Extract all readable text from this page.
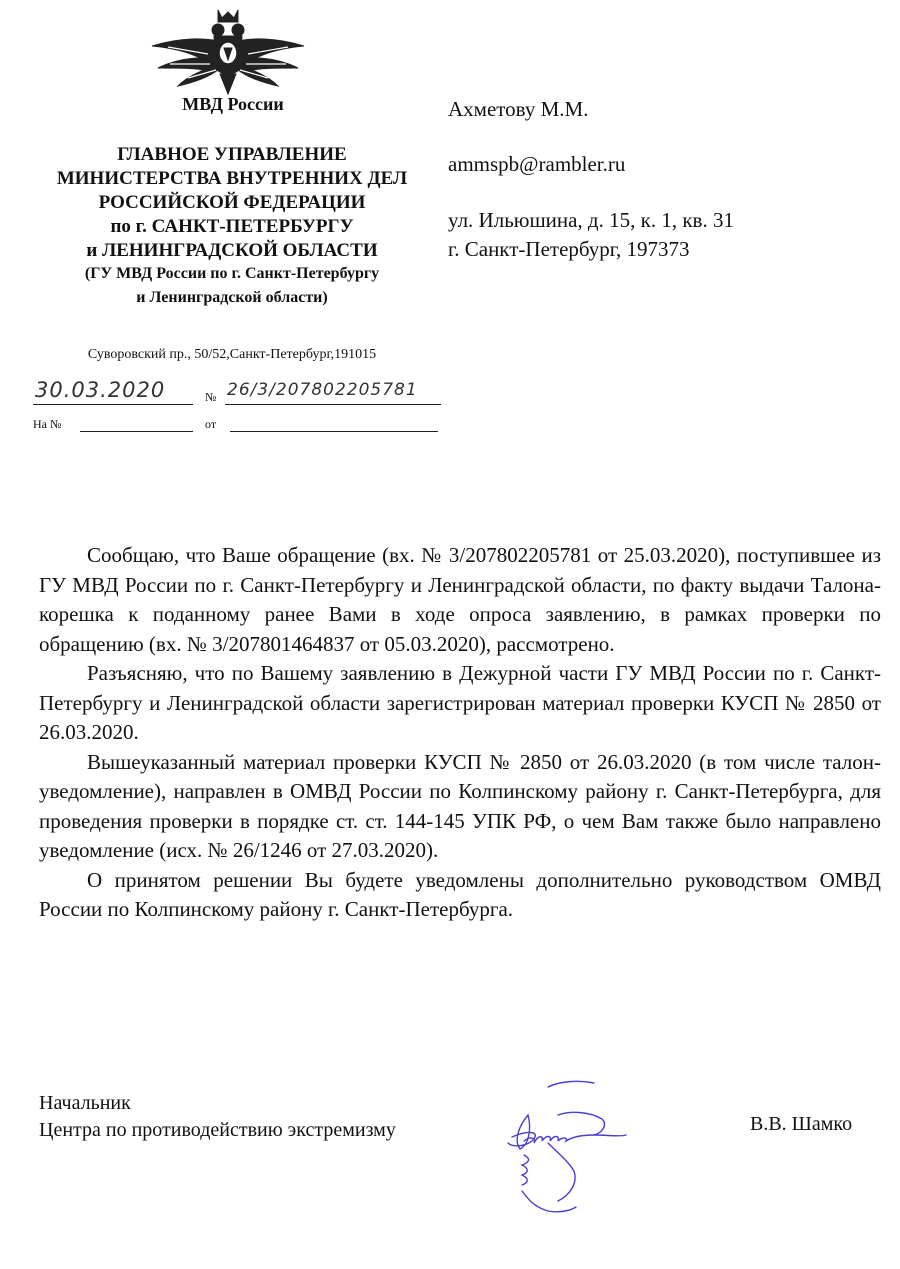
МВД России
ГЛАВНОЕ УПРАВЛЕНИЕ
МИНИСТЕРСТВА ВНУТРЕННИХ ДЕЛ
РОССИЙСКОЙ ФЕДЕРАЦИИ
по г. САНКТ-ПЕТЕРБУРГУ
и ЛЕНИНГРАДСКОЙ ОБЛАСТИ
(ГУ МВД России по г. Санкт-Петербургу
и Ленинградской области)
Суворовский пр., 50/52,Санкт-Петербург,191015
30.03.2020	№ 26/3/207802205781
На №	от
Ахметову М.М.
ammspb@rambler.ru
ул. Ильюшина, д. 15, к. 1, кв. 31
г. Санкт-Петербург, 197373

Сообщаю, что Ваше обращение (вх. № 3/207802205781 от 25.03.2020), поступившее из ГУ МВД России по г. Санкт-Петербургу и Ленинградской области, по факту выдачи Талона-корешка к поданному ранее Вами в ходе опроса заявлению, в рамках проверки по обращению (вх. № 3/207801464837 от 05.03.2020), рассмотрено.

Разъясняю, что по Вашему заявлению в Дежурной части ГУ МВД России по г. Санкт-Петербургу и Ленинградской области зарегистрирован материал проверки КУСП № 2850 от 26.03.2020.

Вышеуказанный материал проверки КУСП № 2850 от 26.03.2020 (в том числе талон-уведомление), направлен в ОМВД России по Колпинскому району г. Санкт-Петербурга, для проведения проверки в порядке ст. ст. 144-145 УПК РФ, о чем Вам также было направлено уведомление (исх. № 26/1246 от 27.03.2020).

О принятом решении Вы будете уведомлены дополнительно руководством ОМВД России по Колпинскому району г. Санкт-Петербурга.

Начальник
Центра по противодействию экстремизму	В.В. Шамко
